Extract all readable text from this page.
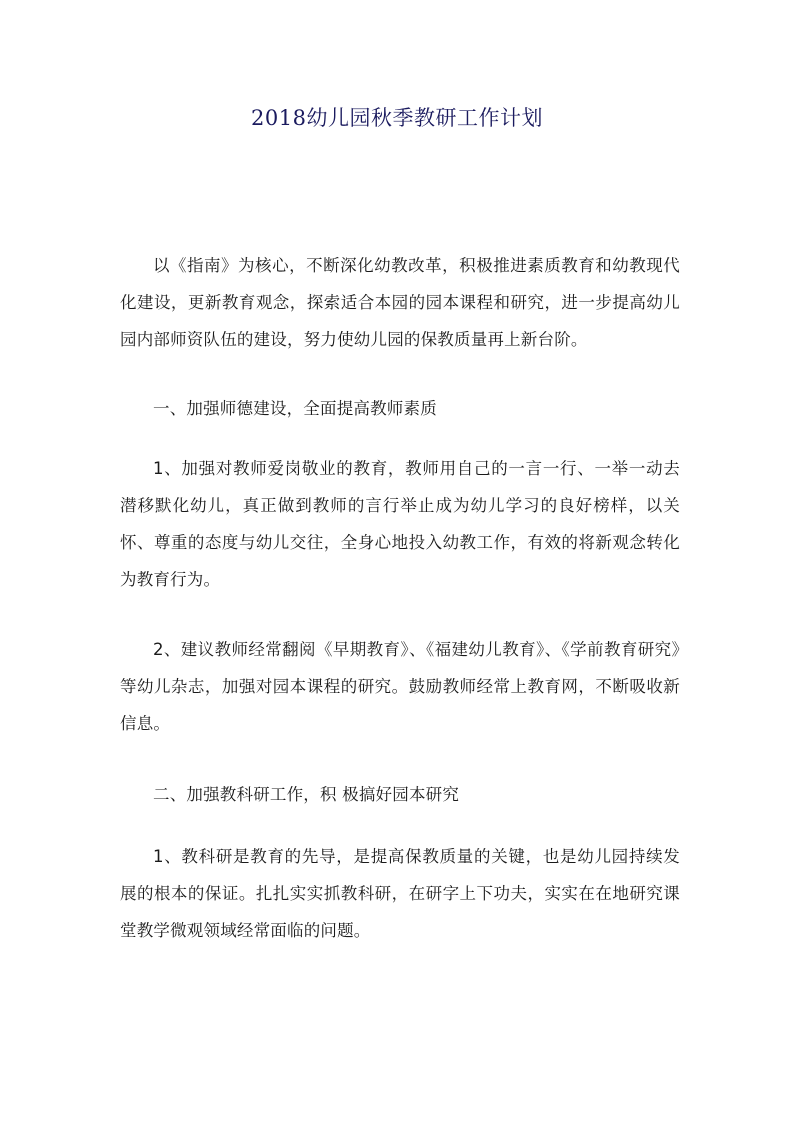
2018幼儿园秋季教研工作计划

以《指南》为核心，不断深化幼教改革，积极推进素质教育和幼教现代化建设，更新教育观念，探索适合本园的园本课程和研究，进一步提高幼儿园内部师资队伍的建设，努力使幼儿园的保教质量再上新台阶。

一、加强师德建设，全面提高教师素质

1、加强对教师爱岗敬业的教育，教师用自己的一言一行、一举一动去潜移默化幼儿，真正做到教师的言行举止成为幼儿学习的良好榜样，以关怀、尊重的态度与幼儿交往，全身心地投入幼教工作，有效的将新观念转化为教育行为。

2、建议教师经常翻阅《早期教育》、《福建幼儿教育》、《学前教育研究》等幼儿杂志，加强对园本课程的研究。鼓励教师经常上教育网，不断吸收新信息。

二、加强教科研工作，积 极搞好园本研究

1、教科研是教育的先导，是提高保教质量的关键，也是幼儿园持续发展的根本的保证。扎扎实实抓教科研，在研字上下功夫，实实在在地研究课堂教学微观领域经常面临的问题。
